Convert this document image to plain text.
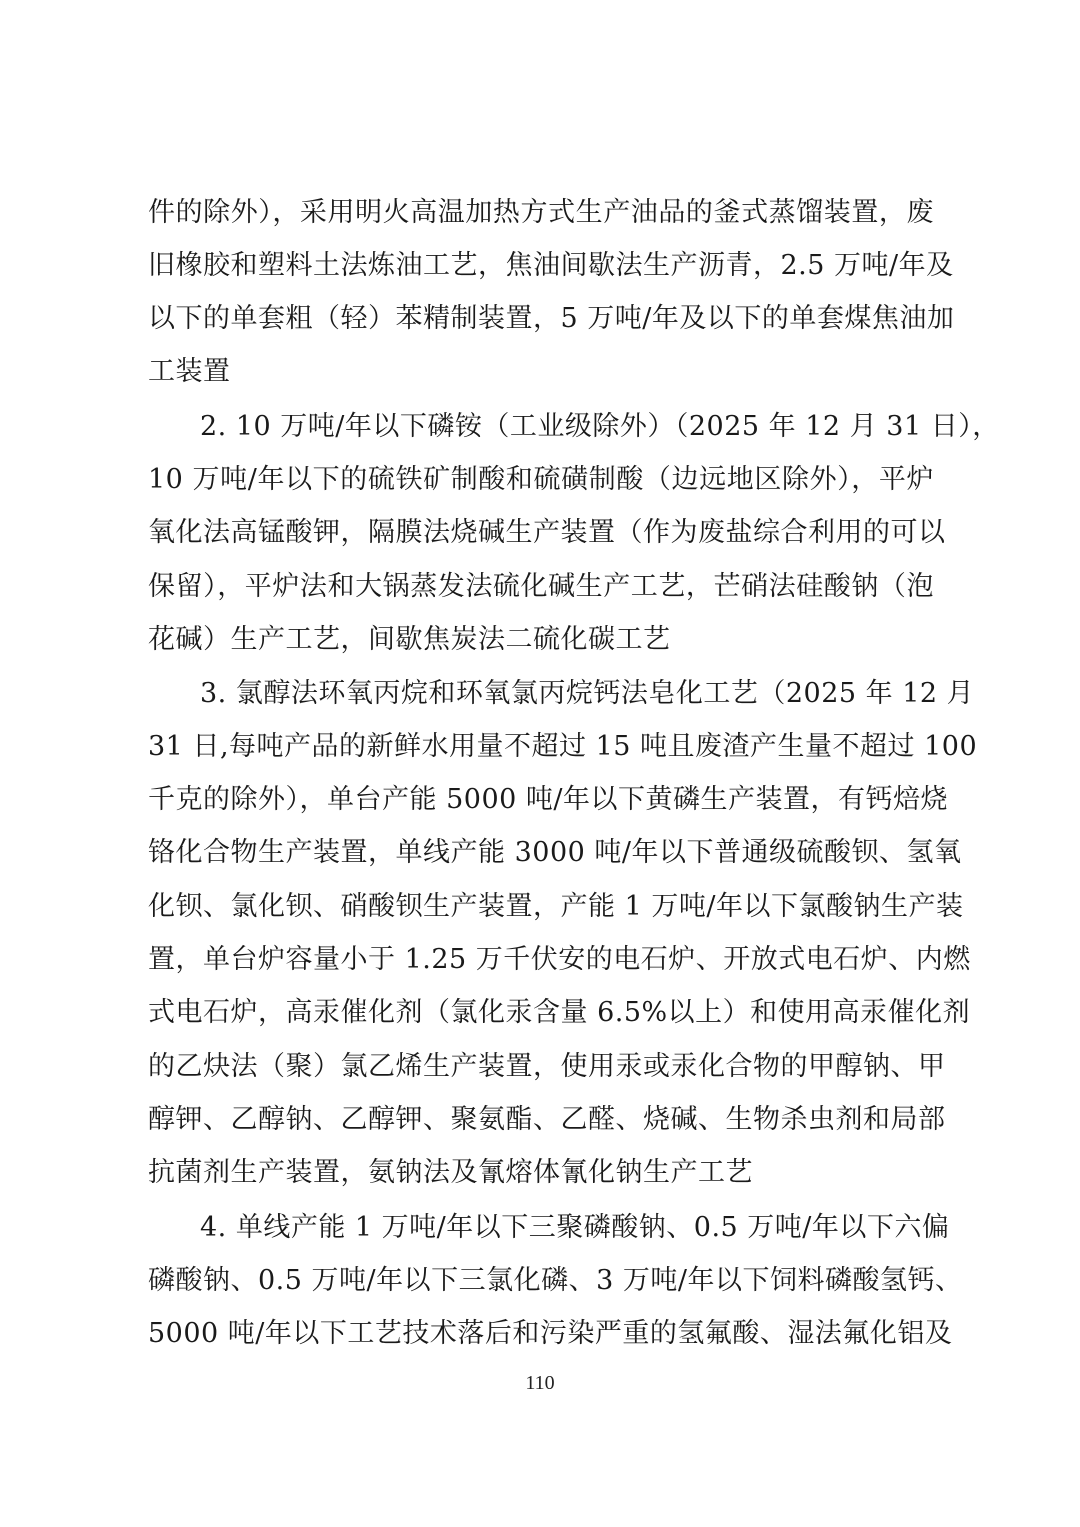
件的除外），采用明火高温加热方式生产油品的釜式蒸馏装置，废
旧橡胶和塑料土法炼油工艺，焦油间歇法生产沥青，2.5 万吨/年及
以下的单套粗（轻）苯精制装置，5 万吨/年及以下的单套煤焦油加
工装置
2. 10 万吨/年以下磷铵（工业级除外）（2025 年 12 月 31 日），
10 万吨/年以下的硫铁矿制酸和硫磺制酸（边远地区除外），平炉
氧化法高锰酸钾，隔膜法烧碱生产装置（作为废盐综合利用的可以
保留），平炉法和大锅蒸发法硫化碱生产工艺，芒硝法硅酸钠（泡
花碱）生产工艺，间歇焦炭法二硫化碳工艺
3. 氯醇法环氧丙烷和环氧氯丙烷钙法皂化工艺（2025 年 12 月
31 日,每吨产品的新鲜水用量不超过 15 吨且废渣产生量不超过 100
千克的除外），单台产能 5000 吨/年以下黄磷生产装置，有钙焙烧
铬化合物生产装置，单线产能 3000 吨/年以下普通级硫酸钡、氢氧
化钡、氯化钡、硝酸钡生产装置，产能 1 万吨/年以下氯酸钠生产装
置，单台炉容量小于 1.25 万千伏安的电石炉、开放式电石炉、内燃
式电石炉，高汞催化剂（氯化汞含量 6.5%以上）和使用高汞催化剂
的乙炔法（聚）氯乙烯生产装置，使用汞或汞化合物的甲醇钠、甲
醇钾、乙醇钠、乙醇钾、聚氨酯、乙醛、烧碱、生物杀虫剂和局部
抗菌剂生产装置，氨钠法及氰熔体氰化钠生产工艺
4. 单线产能 1 万吨/年以下三聚磷酸钠、0.5 万吨/年以下六偏
磷酸钠、0.5 万吨/年以下三氯化磷、3 万吨/年以下饲料磷酸氢钙、
5000 吨/年以下工艺技术落后和污染严重的氢氟酸、湿法氟化铝及
110
